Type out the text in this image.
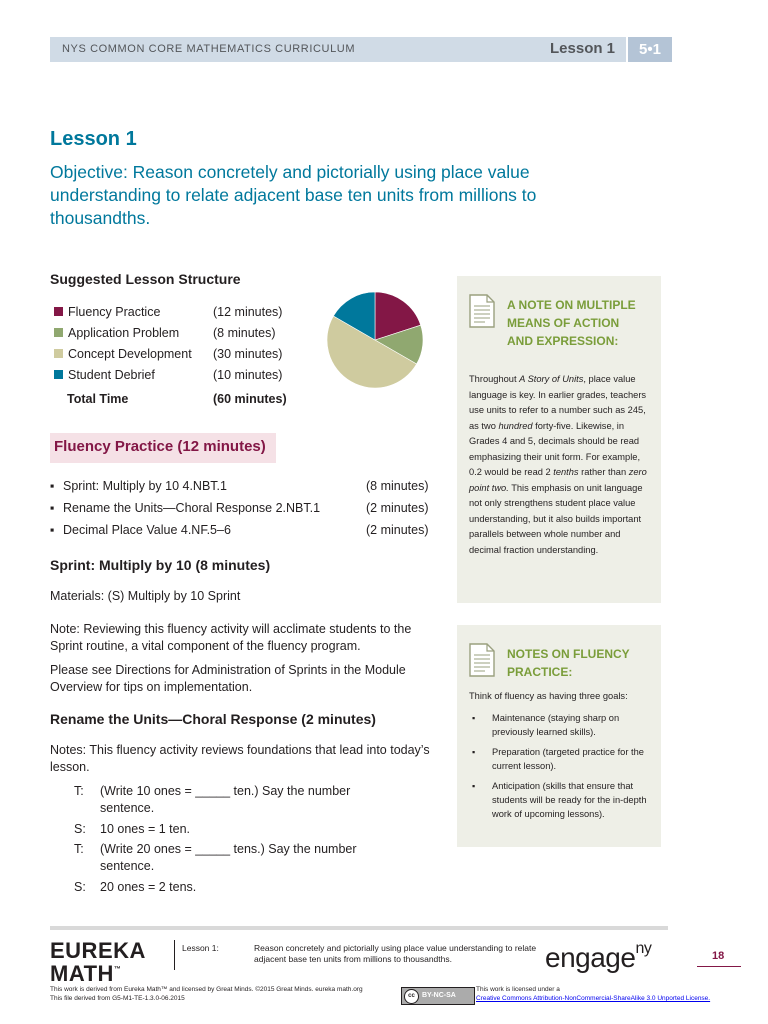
NYS COMMON CORE MATHEMATICS CURRICULUM	Lesson 1	5•1
Lesson 1
Objective: Reason concretely and pictorially using place value understanding to relate adjacent base ten units from millions to thousandths.
Suggested Lesson Structure
Fluency Practice	(12 minutes)
Application Problem	(8 minutes)
Concept Development (30 minutes)
Student Debrief	(10 minutes)
Total Time	(60 minutes)
Fluency Practice (12 minutes)
▪ Sprint: Multiply by 10 4.NBT.1	(8 minutes)
▪ Rename the Units—Choral Response 2.NBT.1	(2 minutes)
▪ Decimal Place Value 4.NF.5–6	(2 minutes)
Sprint: Multiply by 10 (8 minutes)
Materials: (S) Multiply by 10 Sprint
Note: Reviewing this fluency activity will acclimate students to the Sprint routine, a vital component of the fluency program.
Please see Directions for Administration of Sprints in the Module Overview for tips on implementation.
Rename the Units—Choral Response (2 minutes)
Notes: This fluency activity reviews foundations that lead into today’s lesson.
T: (Write 10 ones = _____ ten.) Say the number sentence.
S: 10 ones = 1 ten.
T: (Write 20 ones = _____ tens.) Say the number sentence.
S: 20 ones = 2 tens.
A NOTE ON MULTIPLE MEANS OF ACTION AND EXPRESSION:
Throughout A Story of Units, place value language is key. In earlier grades, teachers use units to refer to a number such as 245, as two hundred forty-five. Likewise, in Grades 4 and 5, decimals should be read emphasizing their unit form. For example, 0.2 would be read 2 tenths rather than zero point two. This emphasis on unit language not only strengthens student place value understanding, but it also builds important parallels between whole number and decimal fraction understanding.
NOTES ON FLUENCY PRACTICE:
Think of fluency as having three goals:
▪ Maintenance (staying sharp on previously learned skills).
▪ Preparation (targeted practice for the current lesson).
▪ Anticipation (skills that ensure that students will be ready for the in-depth work of upcoming lessons).
EUREKA
MATH™
Lesson 1:	Reason concretely and pictorially using place value understanding to relate adjacent base ten units from millions to thousandths.	engage$^{ny}$	18
This work is derived from Eureka Math™ and licensed by Great Minds. ©2015 Great Minds. eureka math.org
This file derived from G5-M1-TE-1.3.0-06.2015	cc	BY-NC-SA
This work is licensed under a
Creative Commons Attribution-NonCommercial-ShareAlike 3.0 Unported License.
